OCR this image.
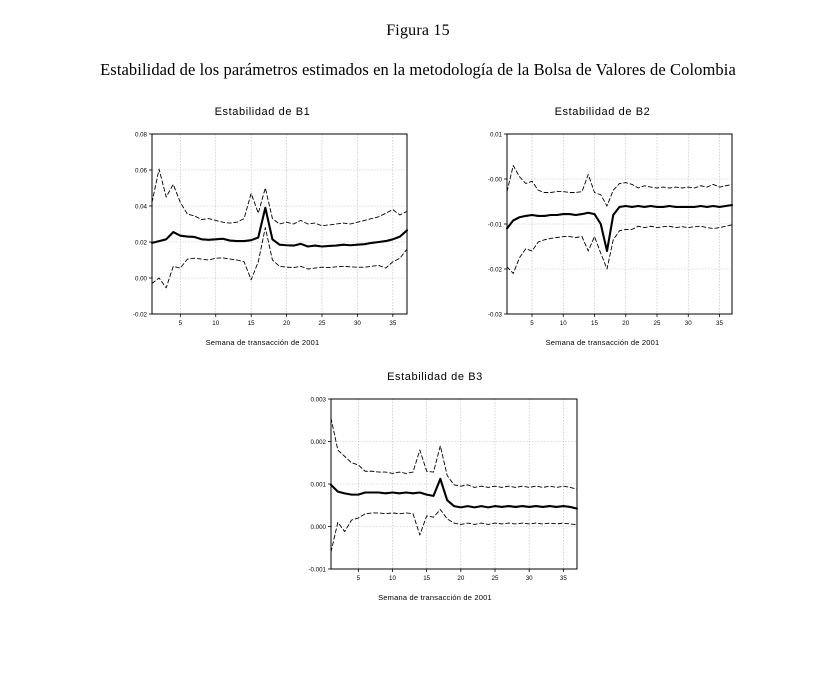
Figura 15
Estabilidad de los parámetros estimados en la metodología de la Bolsa de Valores de Colombia
Estabilidad de B1
5	10	15	20	25	30	35
-0.02
0.00
0.02
0.04
0.06
0.08
Semana de transacción de 2001
Estabilidad de B2
5	10	15	20	25	30	35
-0.03
-0.02
-0.01
-0.00
0.01
Semana de transacción de 2001
Estabilidad de B3
5	10	15	20	25	30	35
-0.001
0.000
0.001
0.002
0.003
Semana de transacción de 2001
